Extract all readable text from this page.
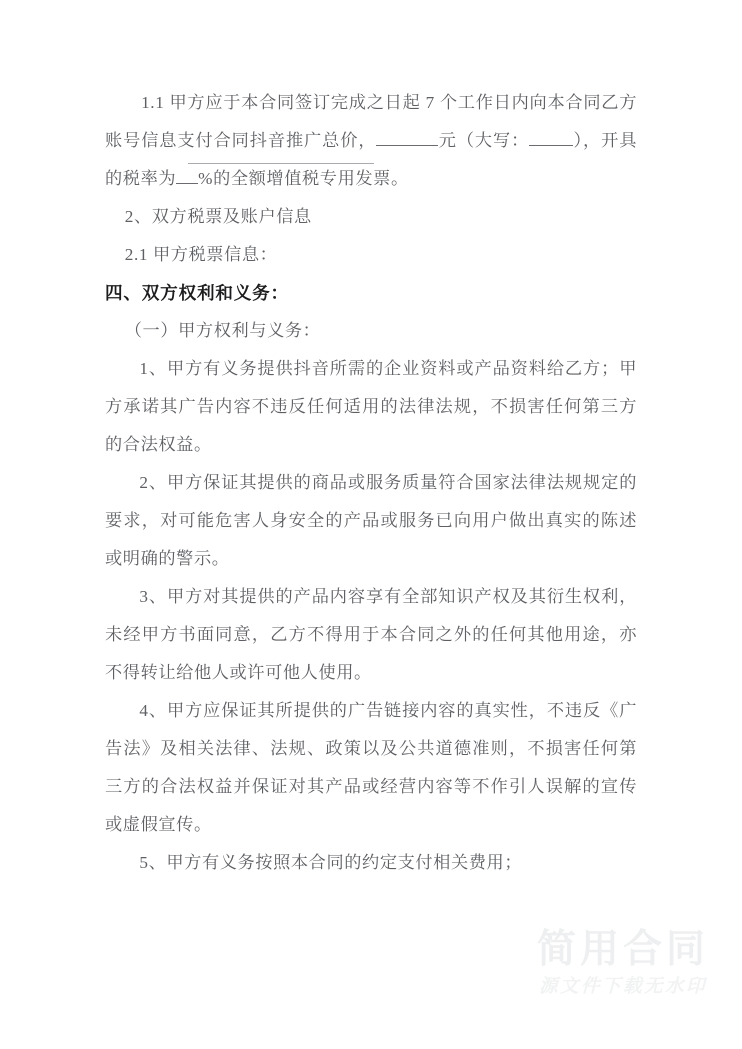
1.1 甲方应于本合同签订完成之日起 7 个工作日内向本合同乙方账号信息支付合同抖音推广总价，	元（大写：	），开具的税率为 %的全额增值税专用发票。

2、双方税票及账户信息

2.1 甲方税票信息：

四、双方权利和义务：

（一）甲方权利与义务：

1、甲方有义务提供抖音所需的企业资料或产品资料给乙方；甲方承诺其广告内容不违反任何适用的法律法规，不损害任何第三方的合法权益。

2、甲方保证其提供的商品或服务质量符合国家法律法规规定的要求，对可能危害人身安全的产品或服务已向用户做出真实的陈述或明确的警示。

3、甲方对其提供的产品内容享有全部知识产权及其衍生权利，未经甲方书面同意，乙方不得用于本合同之外的任何其他用途，亦不得转让给他人或许可他人使用。

4、甲方应保证其所提供的广告链接内容的真实性，不违反《广告法》及相关法律、法规、政策以及公共道德准则，不损害任何第三方的合法权益并保证对其产品或经营内容等不作引人误解的宣传或虚假宣传。

5、甲方有义务按照本合同的约定支付相关费用；

简用合同
源文件下载无水印
